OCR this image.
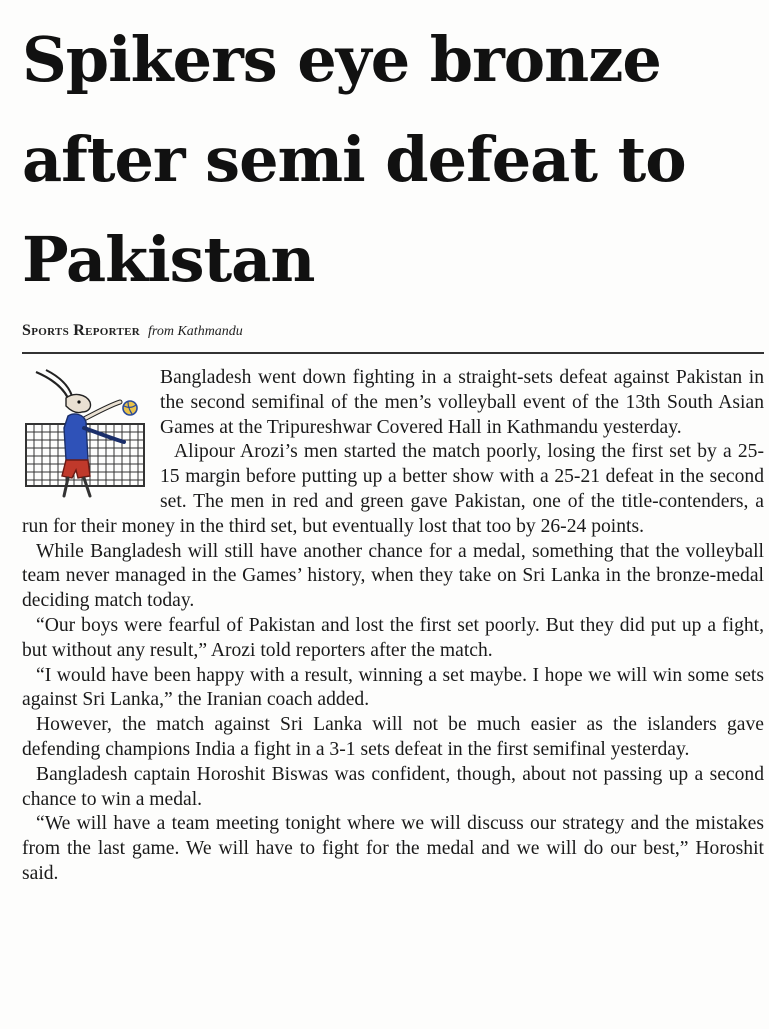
Spikers eye bronze after semi defeat to Pakistan
Sports Reporter from Kathmandu

Bangladesh went down fighting in a straight-sets defeat against Pakistan in the second semifinal of the men’s volleyball event of the 13th South Asian Games at the Tripureshwar Covered Hall in Kathmandu yesterday.

Alipour Arozi’s men started the match poorly, losing the first set by a 25-15 margin before putting up a better show with a 25-21 defeat in the second set. The men in red and green gave Pakistan, one of the title-contenders, a run for their money in the third set, but eventually lost that too by 26-24 points.

While Bangladesh will still have another chance for a medal, something that the volleyball team never managed in the Games’ history, when they take on Sri Lanka in the bronze-medal deciding match today.

“Our boys were fearful of Pakistan and lost the first set poorly. But they did put up a fight, but without any result,” Arozi told reporters after the match.

“I would have been happy with a result, winning a set maybe. I hope we will win some sets against Sri Lanka,” the Iranian coach added.

However, the match against Sri Lanka will not be much easier as the islanders gave defending champions India a fight in a 3-1 sets defeat in the first semifinal yesterday.

Bangladesh captain Horoshit Biswas was confident, though, about not passing up a second chance to win a medal.

“We will have a team meeting tonight where we will discuss our strategy and the mistakes from the last game. We will have to fight for the medal and we will do our best,” Horoshit said.
